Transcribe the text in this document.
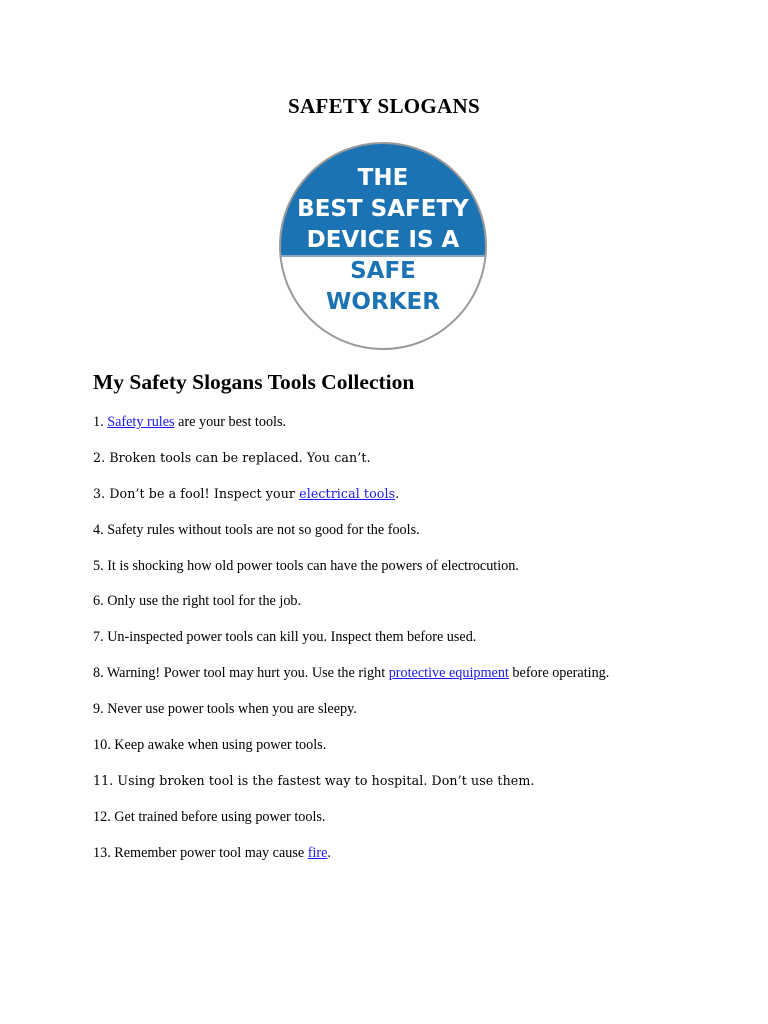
SAFETY SLOGANS
THE
BEST SAFETY
DEVICE IS A
SAFE
WORKER
My Safety Slogans Tools Collection
1. Safety rules are your best tools.
2. Broken tools can be replaced. You can’t.
3. Don’t be a fool! Inspect your electrical tools.
4. Safety rules without tools are not so good for the fools.
5. It is shocking how old power tools can have the powers of electrocution.
6. Only use the right tool for the job.
7. Un-inspected power tools can kill you. Inspect them before used.
8. Warning! Power tool may hurt you. Use the right protective equipment before operating.
9. Never use power tools when you are sleepy.
10. Keep awake when using power tools.
11. Using broken tool is the fastest way to hospital. Don’t use them.
12. Get trained before using power tools.
13. Remember power tool may cause fire.
